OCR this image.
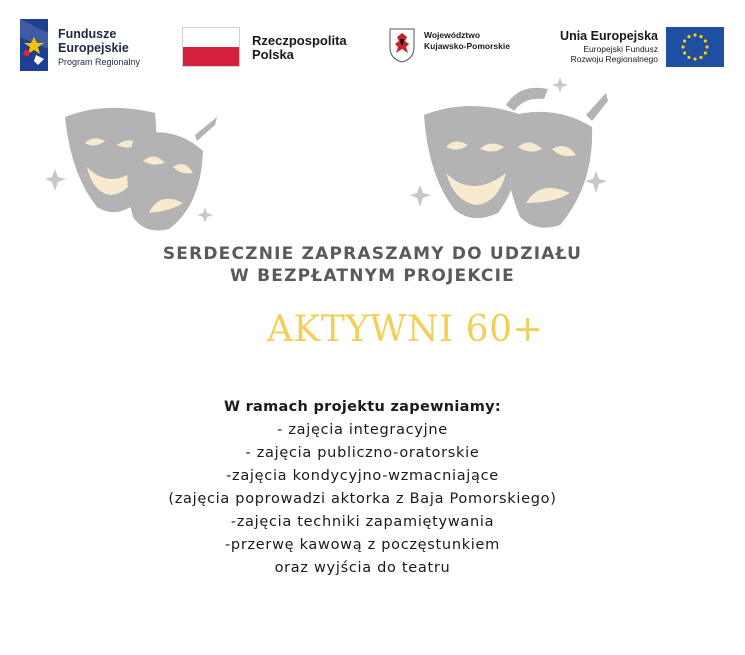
Fundusze
Europejskie
Program Regionalny
Rzeczpospolita
Polska
Województwo
Kujawsko-Pomorskie
Unia Europejska
Europejski Fundusz
Rozwoju Regionalnego
SERDECZNIE ZAPRASZAMY DO UDZIAŁU
W BEZPŁATNYM PROJEKCIE
AKTYWNI 60+
W ramach projektu zapewniamy:
- zajęcia integracyjne
- zajęcia publiczno-oratorskie
-zajęcia kondycyjno-wzmacniające
(zajęcia poprowadzi aktorka z Baja Pomorskiego)
-zajęcia techniki zapamiętywania
-przerwę kawową z poczęstunkiem
oraz wyjścia do teatru
